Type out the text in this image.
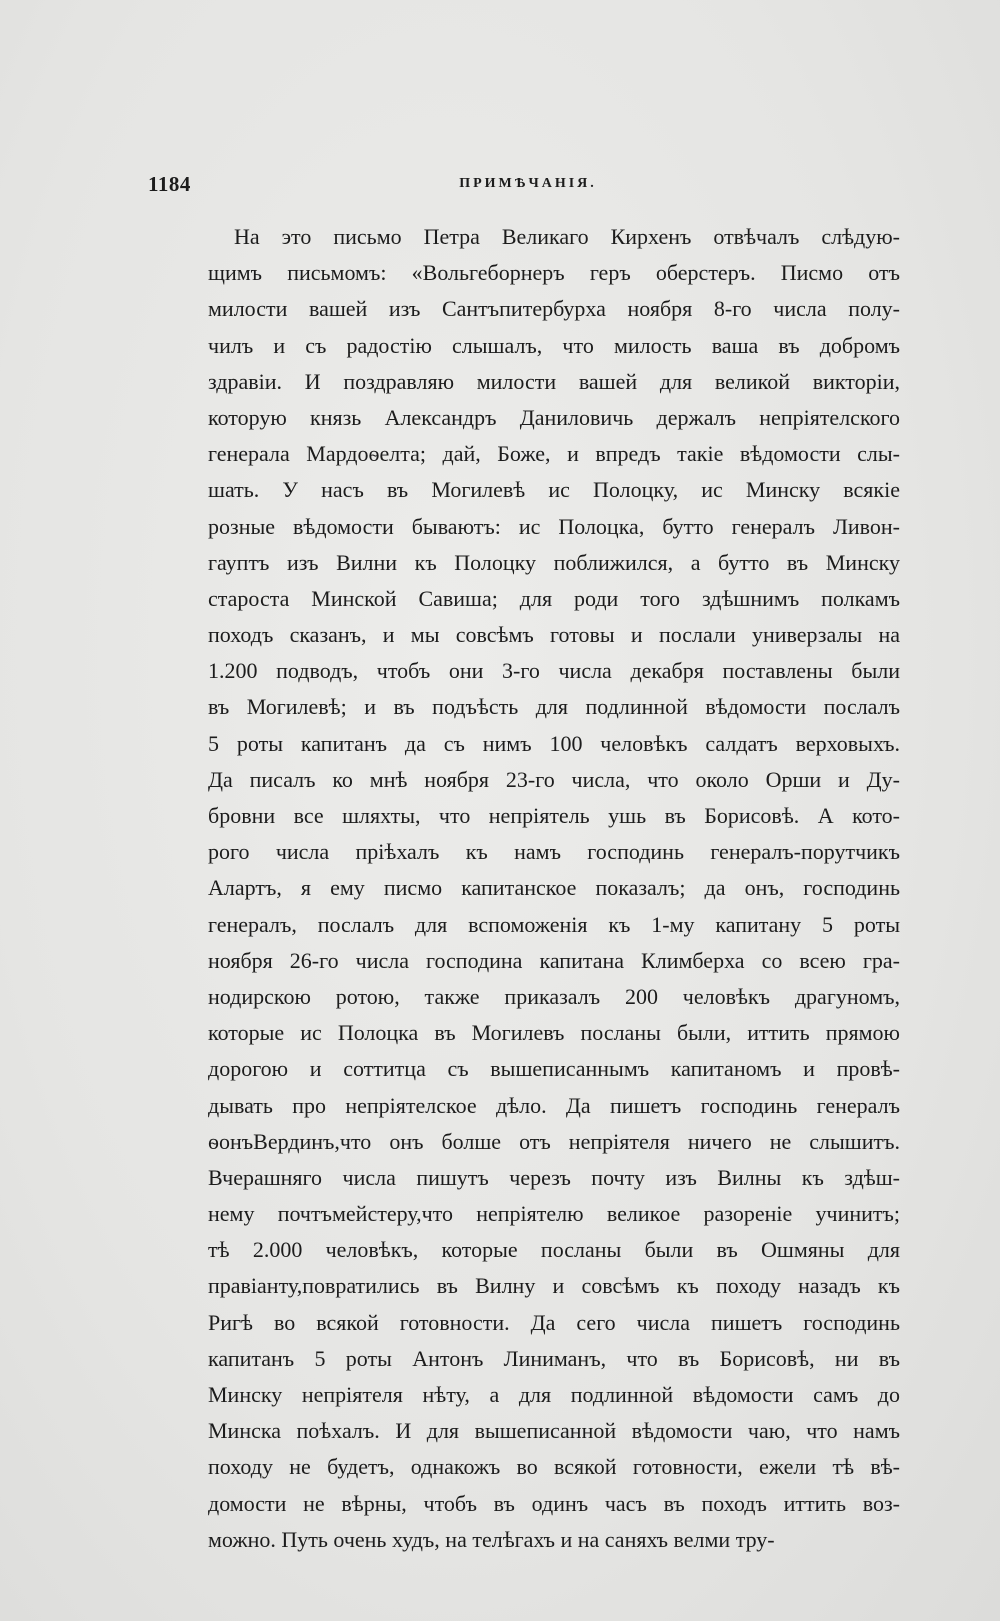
1184	ПРИМѢЧАНІЯ.
На это письмо Петра Великаго Кирхенъ отвѣчалъ слѣдую-
щимъ письмомъ: «Вольгеборнеръ геръ оберстеръ. Писмо отъ
милости вашей изъ Сантъпитербурха ноября 8-го числа полу-
чилъ и съ радостію слышалъ, что милость ваша въ добромъ
здравіи. И поздравляю милости вашей для великой викторіи,
которую князь Александръ Даниловичь держалъ непріятелского
генерала Мардоѳелта; дай, Боже, и впредъ такіе вѣдомости слы-
шать. У насъ въ Могилевѣ ис Полоцку, ис Минску всякіе
розные вѣдомости бываютъ: ис Полоцка, бутто генералъ Ливон-
гауптъ изъ Вилни къ Полоцку поближился, а бутто въ Минску
староста Минской Савиша; для роди того здѣшнимъ полкамъ
походъ сказанъ, и мы совсѣмъ готовы и послали универзалы на
1.200 подводъ, чтобъ они 3-го числа декабря поставлены были
въ Могилевѣ; и въ подъѣсть для подлинной вѣдомости послалъ
5 роты капитанъ да съ нимъ 100 человѣкъ салдатъ верховыхъ.
Да писалъ ко мнѣ ноября 23-го числа, что около Орши и Ду-
бровни все шляхты, что непріятель ушь въ Борисовѣ. А кото-
рого числа пріѣхалъ къ намъ господинь генералъ-порутчикъ
Алартъ, я ему писмо капитанское показалъ; да онъ, господинь
генералъ, послалъ для вспоможенія къ 1-му капитану 5 роты
ноября 26-го числа господина капитана Климберха со всею гра-
нодирскою ротою, также приказалъ 200 человѣкъ драгуномъ,
которые ис Полоцка въ Могилевъ посланы были, иттить прямою
дорогою и соттитца съ вышеписаннымъ капитаномъ и провѣ-
дывать про непріятелское дѣло. Да пишетъ господинь генералъ
ѳонъВердинъ,что онъ болше отъ непріятеля ничего не слышитъ.
Вчерашняго числа пишутъ черезъ почту изъ Вилны къ здѣш-
нему почтъмейстеру,что непріятелю великое разореніе учинитъ;
тѣ 2.000 человѣкъ, которые посланы были въ Ошмяны для
правіанту,повратились въ Вилну и совсѣмъ къ походу назадъ къ
Ригѣ во всякой готовности. Да сего числа пишетъ господинь
капитанъ 5 роты Антонъ Линиманъ, что въ Борисовѣ, ни въ
Минску непріятеля нѣту, а для подлинной вѣдомости самъ до
Минска поѣхалъ. И для вышеписанной вѣдомости чаю, что намъ
походу не будетъ, однакожъ во всякой готовности, ежели тѣ вѣ-
домости не вѣрны, чтобъ въ одинъ часъ въ походъ иттить воз-
можно. Путь очень худъ, на телѣгахъ и на саняхъ велми тру-
